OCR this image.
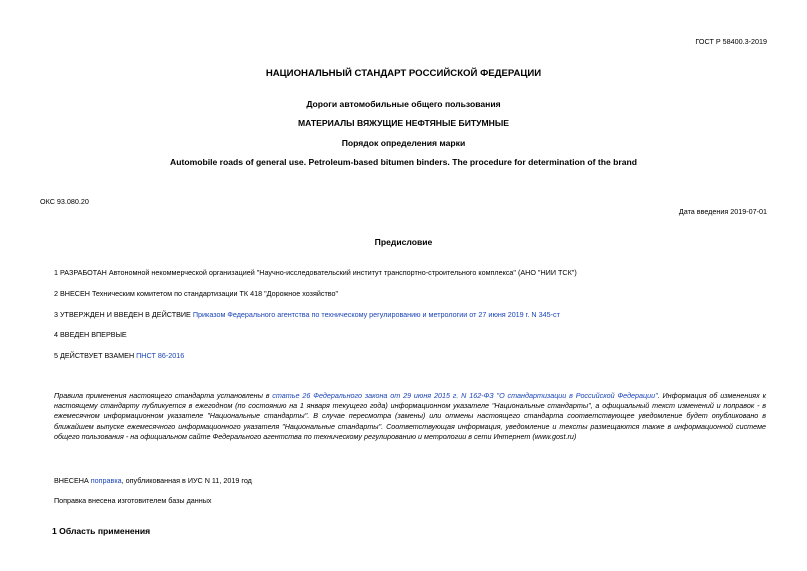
ГОСТ Р 58400.3-2019
НАЦИОНАЛЬНЫЙ СТАНДАРТ РОССИЙСКОЙ ФЕДЕРАЦИИ
Дороги автомобильные общего пользования
МАТЕРИАЛЫ ВЯЖУЩИЕ НЕФТЯНЫЕ БИТУМНЫЕ
Порядок определения марки
Automobile roads of general use. Petroleum-based bitumen binders. The procedure for determination of the brand
ОКС 93.080.20
Дата введения 2019-07-01
Предисловие
1 РАЗРАБОТАН Автономной некоммерческой организацией "Научно-исследовательский институт транспортно-строительного комплекса" (АНО "НИИ ТСК")
2 ВНЕСЕН Техническим комитетом по стандартизации ТК 418 "Дорожное хозяйство"
3 УТВЕРЖДЕН И ВВЕДЕН В ДЕЙСТВИЕ Приказом Федерального агентства по техническому регулированию и метрологии от 27 июня 2019 г. N 345-ст
4 ВВЕДЕН ВПЕРВЫЕ
5 ДЕЙСТВУЕТ ВЗАМЕН ПНСТ 86-2016
Правила применения настоящего стандарта установлены в статье 26 Федерального закона от 29 июня 2015 г. N 162-ФЗ "О стандартизации в Российской Федерации". Информация об изменениях к настоящему стандарту публикуется в ежегодном (по состоянию на 1 января текущего года) информационном указателе "Национальные стандарты", а официальный текст изменений и поправок - в ежемесячном информационном указателе "Национальные стандарты". В случае пересмотра (замены) или отмены настоящего стандарта соответствующее уведомление будет опубликовано в ближайшем выпуске ежемесячного информационного указателя "Национальные стандарты". Соответствующая информация, уведомление и тексты размещаются также в информационной системе общего пользования - на официальном сайте Федерального агентства по техническому регулированию и метрологии в сети Интернет (www.gost.ru)
ВНЕСЕНА поправка, опубликованная в ИУС N 11, 2019 год
Поправка внесена изготовителем базы данных
1 Область применения
